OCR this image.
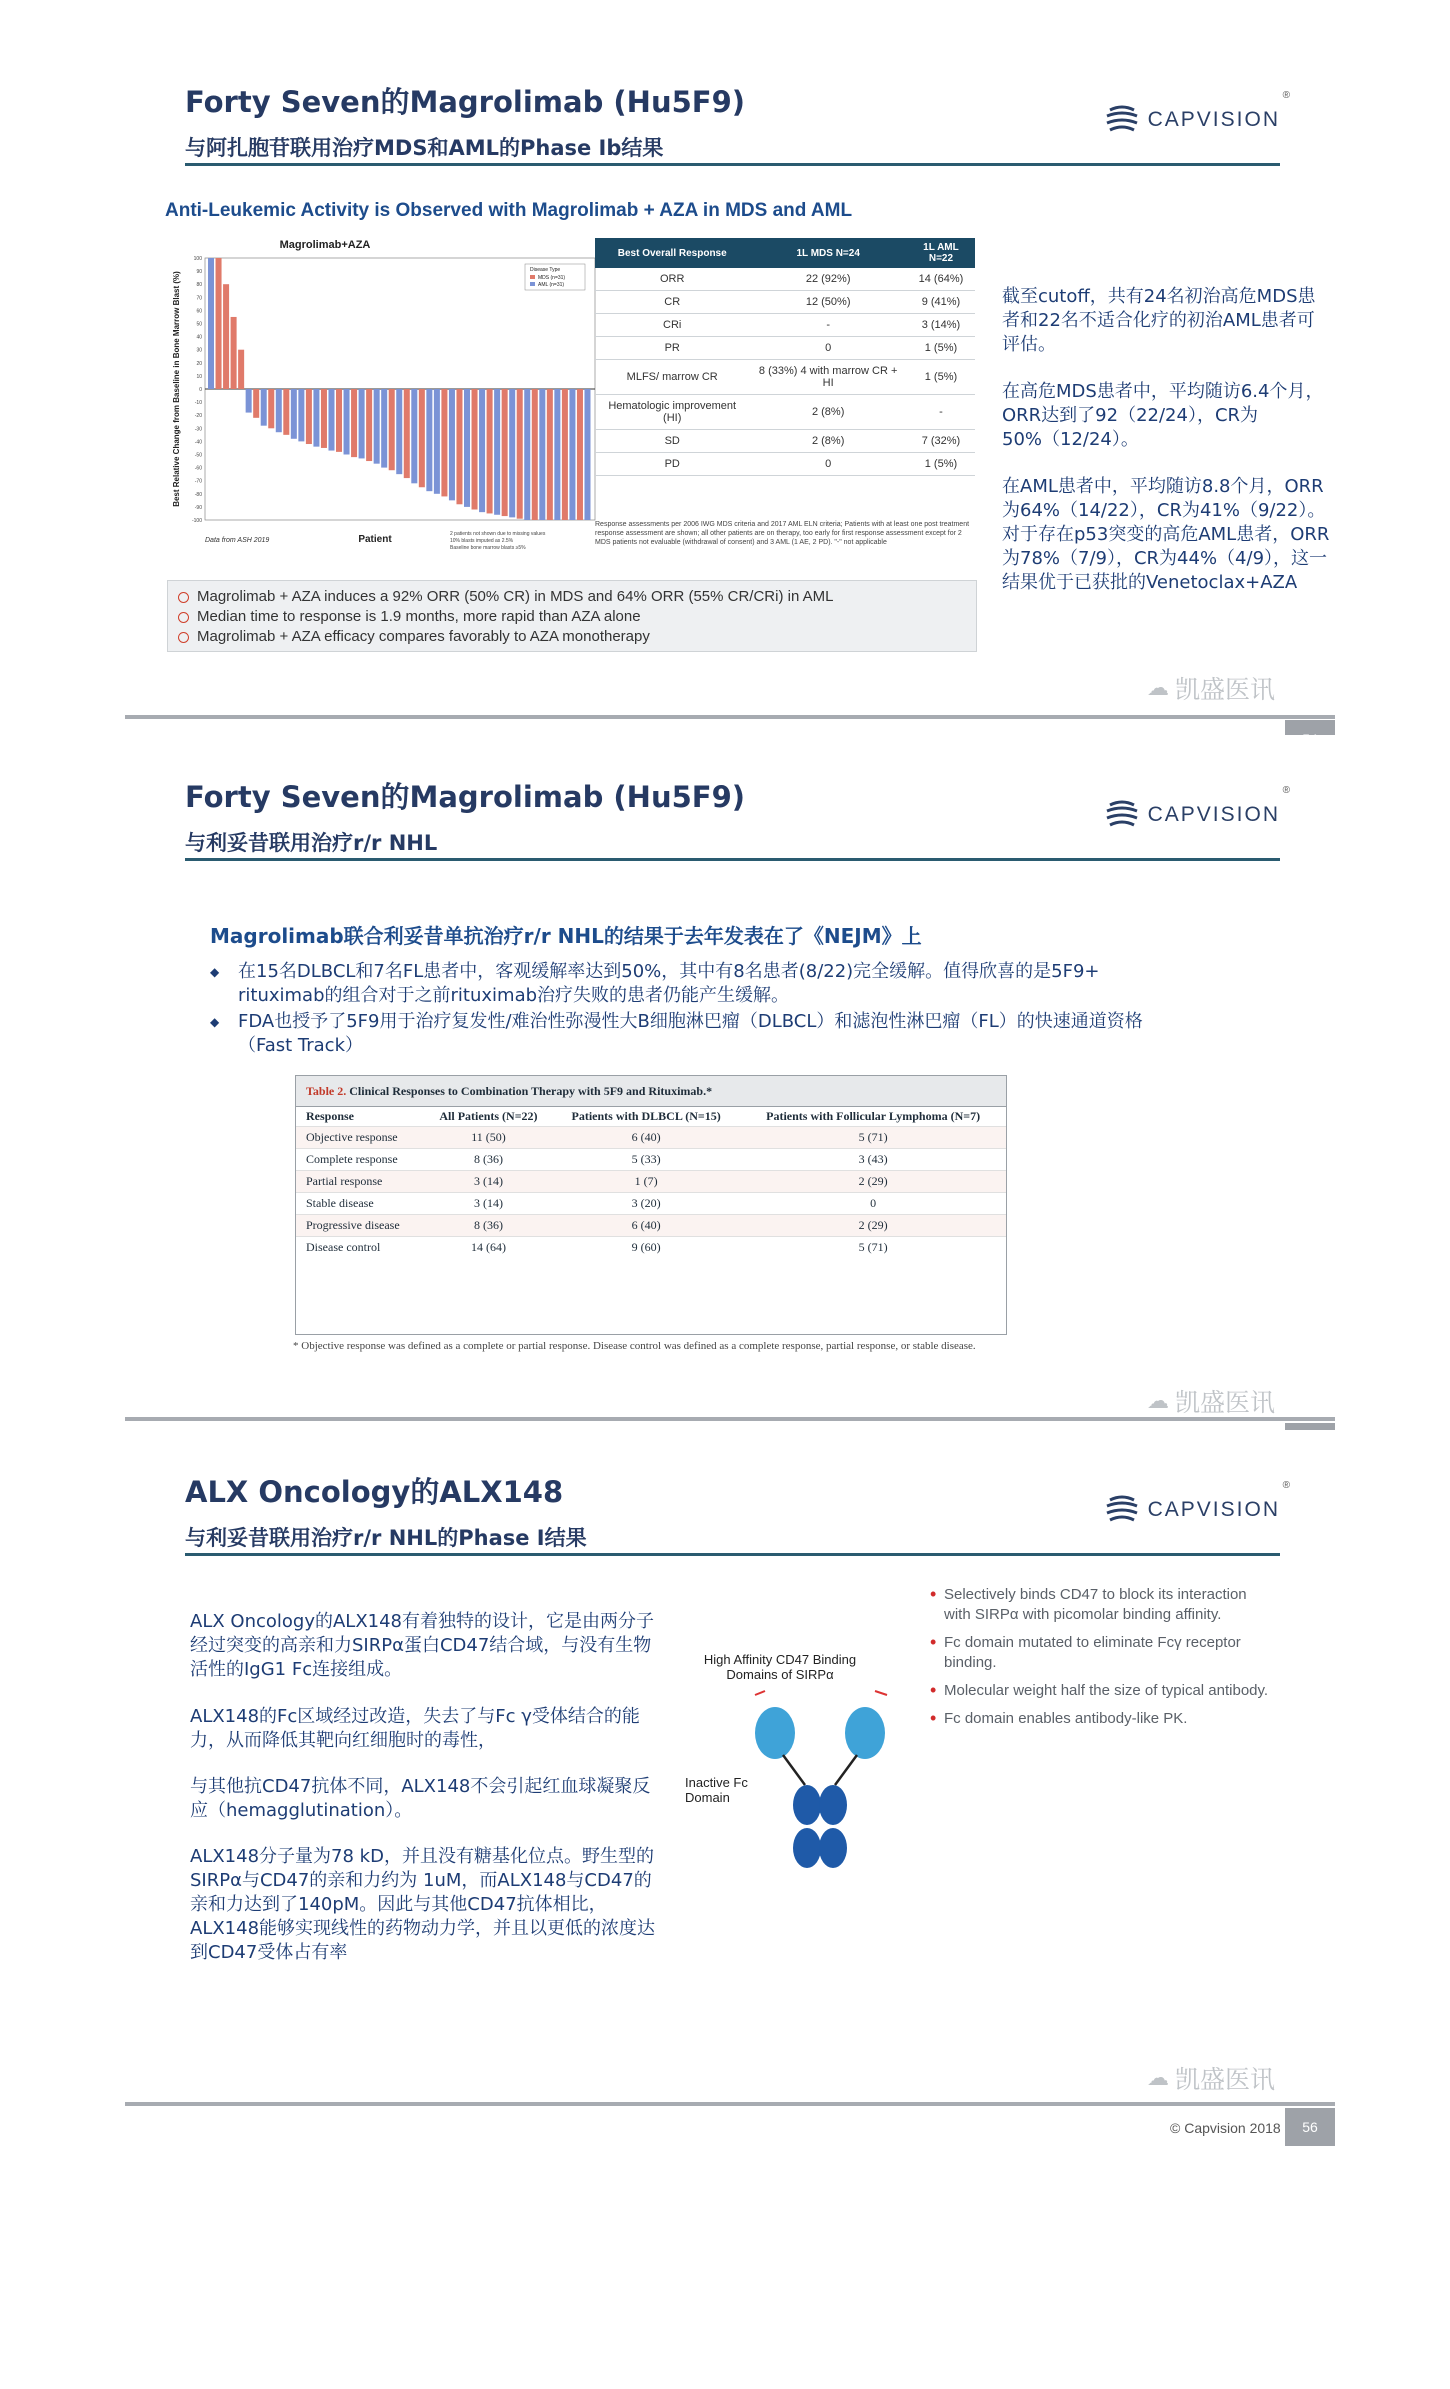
Forty Seven的Magrolimab (Hu5F9)
与阿扎胞苷联用治疗MDS和AML的Phase Ib结果
CAPVISION
®
Anti-Leukemic Activity is Observed with Magrolimab + AZA in MDS and AML
Magrolimab+AZA
100
90
80
70
60
50
40
30
20
10
0
-10
-20
-30
-40
-50
-60
-70
-80
-90
-100
Best Relative Change from Baseline in Bone Marrow Blast (%)
Patient
Data from ASH 2019
2 patients not shown due to missing values
10% blasts imputed as 2.5%
Baseline bone marrow blasts ≥5%
Disease Type
MDS (n=31)
AML (n=31)
Best Overall Response	1L MDS N=24	1L AML N=22
ORR	22 (92%)	14 (64%)
CR	12 (50%)	9 (41%)
CRi	-	3 (14%)
PR	0	1 (5%)
MLFS/ marrow CR	8 (33%) 4 with marrow CR + HI	1 (5%)
Hematologic improvement (HI)	2 (8%)	-
SD	2 (8%)	7 (32%)
PD	0	1 (5%)
Response assessments per 2006 IWG MDS criteria and 2017 AML ELN criteria; Patients with at least one post treatment response assessment are shown; all other patients are on therapy, too early for first response assessment except for 2 MDS patients not evaluable (withdrawal of consent) and 3 AML (1 AE, 2 PD). "-" not applicable
Magrolimab + AZA induces a 92% ORR (50% CR) in MDS and 64% ORR (55% CR/CRi) in AML
Median time to response is 1.9 months, more rapid than AZA alone
Magrolimab + AZA efficacy compares favorably to AZA monotherapy
截至cutoff，共有24名初治高危MDS患者和22名不适合化疗的初治AML患者可评估。
在高危MDS患者中，平均随访6.4个月，ORR达到了92（22/24），CR为50%（12/24）。
在AML患者中，平均随访8.8个月，ORR为64%（14/22），CR为41%（9/22）。对于存在p53突变的高危AML患者，ORR为78%（7/9），CR为44%（4/9），这一结果优于已获批的Venetoclax+AZA
☁ 凯盛医讯
Forty Seven的Magrolimab (Hu5F9)
与利妥昔联用治疗r/r NHL
CAPVISION
®
Magrolimab联合利妥昔单抗治疗r/r NHL的结果于去年发表在了《NEJM》上
◆ 在15名DLBCL和7名FL患者中，客观缓解率达到50%，其中有8名患者(8/22)完全缓解。值得欣喜的是5F9+ rituximab的组合对于之前rituximab治疗失败的患者仍能产生缓解。
◆ FDA也授予了5F9用于治疗复发性/难治性弥漫性大B细胞淋巴瘤（DLBCL）和滤泡性淋巴瘤（FL）的快速通道资格（Fast Track）
Table 2. Clinical Responses to Combination Therapy with 5F9 and Rituximab.*
Response	All Patients (N=22)	Patients with DLBCL (N=15)	Patients with Follicular Lymphoma (N=7)
Objective response	11 (50)	6 (40)	5 (71)
Complete response	8 (36)	5 (33)	3 (43)
Partial response	3 (14)	1 (7)	2 (29)
Stable disease	3 (14)	3 (20)	0
Progressive disease	8 (36)	6 (40)	2 (29)
Disease control	14 (64)	9 (60)	5 (71)
* Objective response was defined as a complete or partial response. Disease control was defined as a complete response, partial response, or stable disease.
☁ 凯盛医讯
ALX Oncology的ALX148
与利妥昔联用治疗r/r NHL的Phase I结果
CAPVISION
®
ALX Oncology的ALX148有着独特的设计，它是由两分子经过突变的高亲和力SIRPα蛋白CD47结合域，与没有生物活性的IgG1 Fc连接组成。
ALX148的Fc区域经过改造，失去了与Fc γ受体结合的能力，从而降低其靶向红细胞时的毒性，
与其他抗CD47抗体不同，ALX148不会引起红血球凝聚反应（hemagglutination）。
ALX148分子量为78 kD，并且没有糖基化位点。野生型的SIRPα与CD47的亲和力约为 1uM，而ALX148与CD47的亲和力达到了140pM。因此与其他CD47抗体相比，ALX148能够实现线性的药物动力学，并且以更低的浓度达到CD47受体占有率
High Affinity CD47 Binding Domains of SIRPα
Inactive Fc Domain
• Selectively binds CD47 to block its interaction with SIRPα with picomolar binding affinity.
• Fc domain mutated to eliminate Fcγ receptor binding.
• Molecular weight half the size of typical antibody.
• Fc domain enables antibody-like PK.
☁ 凯盛医讯
© Capvision 2018	56
